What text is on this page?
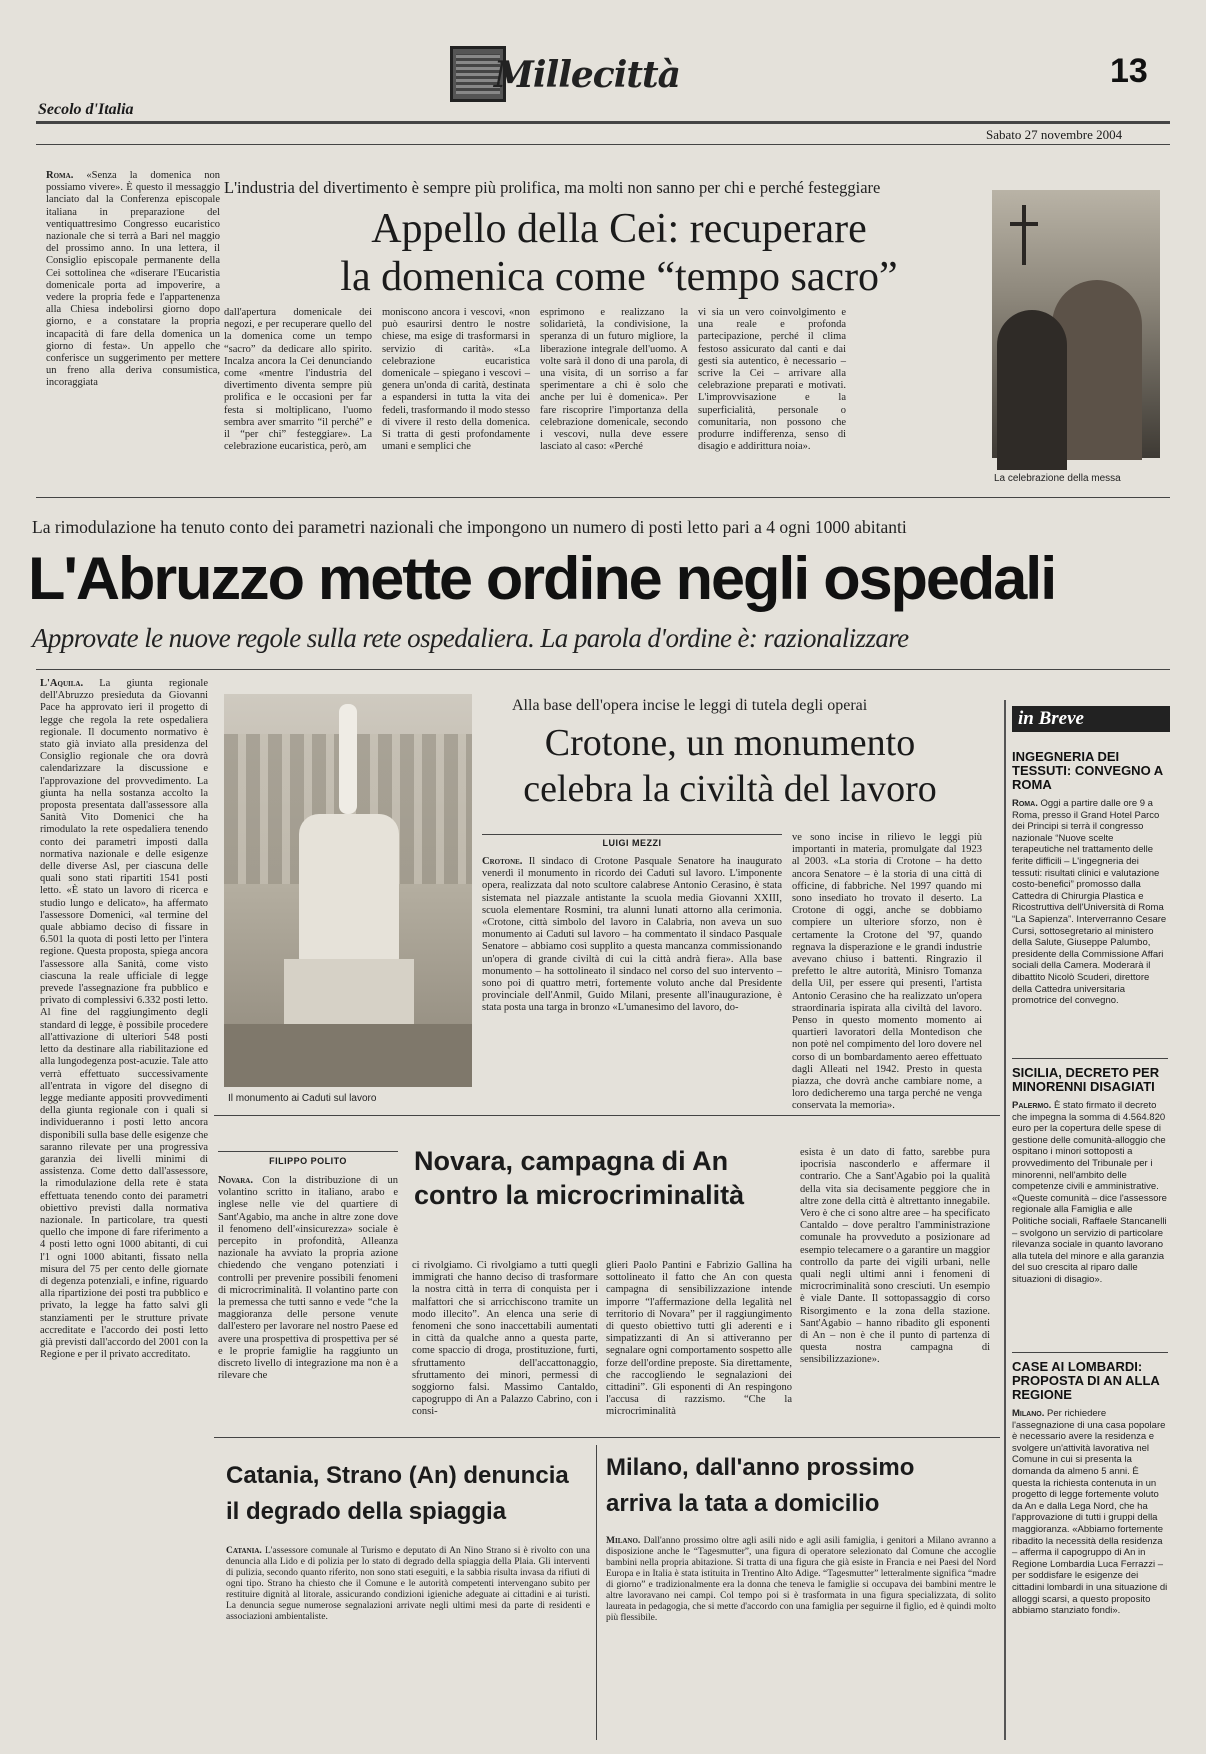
Millecittà	13
Secolo d'Italia
Sabato 27 novembre 2004
Roma. «Senza la domenica non possiamo vivere». È questo il messaggio lanciato dal la Conferenza episcopale italiana in preparazione del ventiquattresimo Congresso eucaristico nazionale che si terrà a Bari nel maggio del prossimo anno. In una lettera, il Consiglio episcopale permanente della Cei sottolinea che «diserare l'Eucaristia domenicale porta ad impoverire, a vedere la propria fede e l'appartenenza alla Chiesa indebolirsi giorno dopo giorno, e a constatare la propria incapacità di fare della domenica un giorno di festa». Un appello che conferisce un suggerimento per mettere un freno alla deriva consumistica, incoraggiata
L'industria del divertimento è sempre più prolifica, ma molti non sanno per chi e perché festeggiare
Appello della Cei: recuperare
la domenica come “tempo sacro”
dall'apertura domenicale dei negozi, e per recuperare quello del la domenica come un tempo “sacro” da dedicare allo spirito. Incalza ancora la Cei denunciando come «mentre l'industria del divertimento diventa sempre più prolifica e le occasioni per far festa si moltiplicano, l'uomo sembra aver smarrito “il perché” e il “per chi” festeggiare». La celebrazione eucaristica, però, am
moniscono ancora i vescovi, «non può esaurirsi dentro le nostre chiese, ma esige di trasformarsi in servizio di carità». «La celebrazione eucaristica domenicale – spiegano i vescovi – genera un'onda di carità, destinata a espandersi in tutta la vita dei fedeli, trasformando il modo stesso di vivere il resto della domenica. Si tratta di gesti profondamente umani e semplici che
esprimono e realizzano la solidarietà, la condivisione, la speranza di un futuro migliore, la liberazione integrale dell'uomo. A volte sarà il dono di una parola, di una visita, di un sorriso a far sperimentare a chi è solo che anche per lui è domenica». Per fare riscoprire l'importanza della celebrazione domenicale, secondo i vescovi, nulla deve essere lasciato al caso: «Perché
vi sia un vero coinvolgimento e una reale e profonda partecipazione, perché il clima festoso assicurato dal canti e dai gesti sia autentico, è necessario – scrive la Cei – arrivare alla celebrazione preparati e motivati. L'improvvisazione e la superficialità, personale o comunitaria, non possono che produrre indifferenza, senso di disagio e addirittura noia».
La celebrazione della messa
La rimodulazione ha tenuto conto dei parametri nazionali che impongono un numero di posti letto pari a 4 ogni 1000 abitanti
L'Abruzzo mette ordine negli ospedali
Approvate le nuove regole sulla rete ospedaliera. La parola d'ordine è: razionalizzare
L'Aquila. La giunta regionale dell'Abruzzo presieduta da Giovanni Pace ha approvato ieri il progetto di legge che regola la rete ospedaliera regionale. Il documento normativo è stato già inviato alla presidenza del Consiglio regionale che ora dovrà calendarizzare la discussione e l'approvazione del provvedimento. La giunta ha nella sostanza accolto la proposta presentata dall'assessore alla Sanità Vito Domenici che ha rimodulato la rete ospedaliera tenendo conto dei parametri imposti dalla normativa nazionale e delle esigenze delle diverse Asl, per ciascuna delle quali sono stati ripartiti 1541 posti letto. «È stato un lavoro di ricerca e studio lungo e delicato», ha affermato l'assessore Domenici, «al termine del quale abbiamo deciso di fissare in 6.501 la quota di posti letto per l'intera regione. Questa proposta, spiega ancora l'assessore alla Sanità, come visto ciascuna la reale ufficiale di legge prevede l'assegnazione fra pubblico e privato di complessivi 6.332 posti letto. Al fine del raggiungimento degli standard di legge, è possibile procedere all'attivazione di ulteriori 548 posti letto da destinare alla riabilitazione ed alla lungodegenza post-acuzie. Tale atto verrà effettuato successivamente all'entrata in vigore del disegno di legge mediante appositi provvedimenti della giunta regionale con i quali si individueranno i posti letto ancora disponibili sulla base delle esigenze che saranno rilevate per una progressiva garanzia dei livelli minimi di assistenza. Come detto dall'assessore, la rimodulazione della rete è stata effettuata tenendo conto dei parametri obiettivo previsti dalla normativa nazionale. In particolare, tra questi quello che impone di fare riferimento a 4 posti letto ogni 1000 abitanti, di cui l'1 ogni 1000 abitanti, fissato nella misura del 75 per cento delle giornate di degenza potenziali, e infine, riguardo alla ripartizione dei posti tra pubblico e privato, la legge ha fatto salvi gli stanziamenti per le strutture private accreditate e l'accordo dei posti letto già previsti dall'accordo del 2001 con la Regione e per il privato accreditato.
Il monumento ai Caduti sul lavoro
Alla base dell'opera incise le leggi di tutela degli operai
Crotone, un monumento
celebra la civiltà del lavoro
LUIGI MEZZI
Crotone. Il sindaco di Crotone Pasquale Senatore ha inaugurato venerdì il monumento in ricordo dei Caduti sul lavoro. L'imponente opera, realizzata dal noto scultore calabrese Antonio Cerasino, è stata sistemata nel piazzale antistante la scuola media Giovanni XXIII, scuola elementare Rosmini, tra alunni lunati attorno alla cerimonia. «Crotone, città simbolo del lavoro in Calabria, non aveva un suo monumento ai Caduti sul lavoro – ha commentato il sindaco Pasquale Senatore – abbiamo così supplito a questa mancanza commissionando un'opera di grande civiltà di cui la città andrà fiera». Alla base monumento – ha sottolineato il sindaco nel corso del suo intervento – sono poi di quattro metri, fortemente voluto anche dal Presidente provinciale dell'Anmil, Guido Milani, presente all'inaugurazione, è stata posta una targa in bronzo «L'umanesimo del lavoro, do-
ve sono incise in rilievo le leggi più importanti in materia, promulgate dal 1923 al 2003. «La storia di Crotone – ha detto ancora Senatore – è la storia di una città di officine, di fabbriche. Nel 1997 quando mi sono insediato ho trovato il deserto. La Crotone di oggi, anche se dobbiamo compiere un ulteriore sforzo, non è certamente la Crotone del '97, quando regnava la disperazione e le grandi industrie avevano chiuso i battenti. Ringrazio il prefetto le altre autorità, Minisro Tomanza della Uil, per essere qui presenti, l'artista Antonio Cerasino che ha realizzato un'opera straordinaria ispirata alla civiltà del lavoro. Penso in questo momento momento ai quartieri lavoratori della Montedison che non potè nel compimento del loro dovere nel corso di un bombardamento aereo effettuato dagli Alleati nel 1942. Presto in questa piazza, che dovrà anche cambiare nome, a loro dedicheremo una targa perché ne venga conservata la memoria».
in Breve
INGEGNERIA DEI TESSUTI: CONVEGNO A ROMA
Roma. Oggi a partire dalle ore 9 a Roma, presso il Grand Hotel Parco dei Principi si terrà il congresso nazionale “Nuove scelte terapeutiche nel trattamento delle ferite difficili – L'ingegneria dei tessuti: risultati clinici e valutazione costo-benefici” promosso dalla Cattedra di Chirurgia Plastica e Ricostruttiva dell'Università di Roma “La Sapienza”. Interverranno Cesare Cursi, sottosegretario al ministero della Salute, Giuseppe Palumbo, presidente della Commissione Affari sociali della Camera. Moderarà il dibattito Nicolò Scuderi, direttore della Cattedra universitaria promotrice del convegno.
SICILIA, DECRETO PER MINORENNI DISAGIATI
Palermo. È stato firmato il decreto che impegna la somma di 4.564.820 euro per la copertura delle spese di gestione delle comunità-alloggio che ospitano i minori sottoposti a provvedimento del Tribunale per i minorenni, nell'ambito delle competenze civili e amministrative. «Queste comunità – dice l'assessore regionale alla Famiglia e alle Politiche sociali, Raffaele Stancanelli – svolgono un servizio di particolare rilevanza sociale in quanto lavorano alla tutela del minore e alla garanzia del suo crescita al riparo dalle situazioni di disagio».
CASE AI LOMBARDI: PROPOSTA DI AN ALLA REGIONE
Milano. Per richiedere l'assegnazione di una casa popolare è necessario avere la residenza e svolgere un'attività lavorativa nel Comune in cui si presenta la domanda da almeno 5 anni. È questa la richiesta contenuta in un progetto di legge fortemente voluto da An e dalla Lega Nord, che ha l'approvazione di tutti i gruppi della maggioranza. «Abbiamo fortemente ribadito la necessità della residenza – afferma il capogruppo di An in Regione Lombardia Luca Ferrazzi – per soddisfare le esigenze dei cittadini lombardi in una situazione di alloggi scarsi, a questo proposito abbiamo stanziato fondi».
FILIPPO POLITO	Novara, campagna di An
contro la microcriminalità
Novara. Con la distribuzione di un volantino scritto in italiano, arabo e inglese nelle vie del quartiere di Sant'Agabio, ma anche in altre zone dove il fenomeno dell'«insicurezza» sociale è percepito in profondità, Alleanza nazionale ha avviato la propria azione chiedendo che vengano potenziati i controlli per prevenire possibili fenomeni di microcriminalità. Il volantino parte con la premessa che tutti sanno e vede “che la maggioranza delle persone venute dall'estero per lavorare nel nostro Paese ed avere una prospettiva di prospettiva per sé e le proprie famiglie ha raggiunto un discreto livello di integrazione ma non è a rilevare che
ci rivolgiamo. Ci rivolgiamo a tutti quegli immigrati che hanno deciso di trasformare la nostra città in terra di conquista per i malfattori che si arricchiscono tramite un modo illecito”. An elenca una serie di fenomeni che sono inaccettabili aumentati in città da qualche anno a questa parte, come spaccio di droga, prostituzione, furti, sfruttamento dell'accattonaggio, sfruttamento dei minori, permessi di soggiorno falsi. Massimo Cantaldo, capogruppo di An a Palazzo Cabrino, con i consi-
glieri Paolo Pantini e Fabrizio Gallina ha sottolineato il fatto che An con questa campagna di sensibilizzazione intende imporre “l'affermazione della legalità nel territorio di Novara” per il raggiungimento di questo obiettivo tutti gli aderenti e i simpatizzanti di An si attiveranno per segnalare ogni comportamento sospetto alle forze dell'ordine preposte. Sia direttamente, che raccogliendo le segnalazioni dei cittadini”. Gli esponenti di An respingono l'accusa di razzismo. “Che la microcriminalità
esista è un dato di fatto, sarebbe pura ipocrisia nasconderlo e affermare il contrario. Che a Sant'Agabio poi la qualità della vita sia decisamente peggiore che in altre zone della città è altrettanto innegabile. Vero è che ci sono altre aree – ha specificato Cantaldo – dove peraltro l'amministrazione comunale ha provveduto a posizionare ad esempio telecamere o a garantire un maggior controllo da parte dei vigili urbani, nelle quali negli ultimi anni i fenomeni di microcriminalità sono cresciuti. Un esempio è viale Dante. Il sottopassaggio di corso Risorgimento e la zona della stazione. Sant'Agabio – hanno ribadito gli esponenti di An – non è che il punto di partenza di questa nostra campagna di sensibilizzazione».
Catania, Strano (An) denuncia
il degrado della spiaggia
Catania. L'assessore comunale al Turismo e deputato di An Nino Strano si è rivolto con una denuncia alla Lido e di polizia per lo stato di degrado della spiaggia della Plaia. Gli interventi di pulizia, secondo quanto riferito, non sono stati eseguiti, e la sabbia risulta invasa da rifiuti di ogni tipo. Strano ha chiesto che il Comune e le autorità competenti intervengano subito per restituire dignità al litorale, assicurando condizioni igieniche adeguate ai cittadini e ai turisti. La denuncia segue numerose segnalazioni arrivate negli ultimi mesi da parte di residenti e associazioni ambientaliste.
Milano, dall'anno prossimo
arriva la tata a domicilio
Milano. Dall'anno prossimo oltre agli asili nido e agli asili famiglia, i genitori a Milano avranno a disposizione anche le “Tagesmutter”, una figura di operatore selezionato dal Comune che accoglie bambini nella propria abitazione. Si tratta di una figura che già esiste in Francia e nei Paesi del Nord Europa e in Italia è stata istituita in Trentino Alto Adige. “Tagesmutter” letteralmente significa “madre di giorno” e tradizionalmente era la donna che teneva le famiglie si occupava dei bambini mentre le altre lavoravano nei campi. Col tempo poi si è trasformata in una figura specializzata, di solito laureata in pedagogia, che si mette d'accordo con una famiglia per seguirne il figlio, ed è quindi molto più flessibile.
